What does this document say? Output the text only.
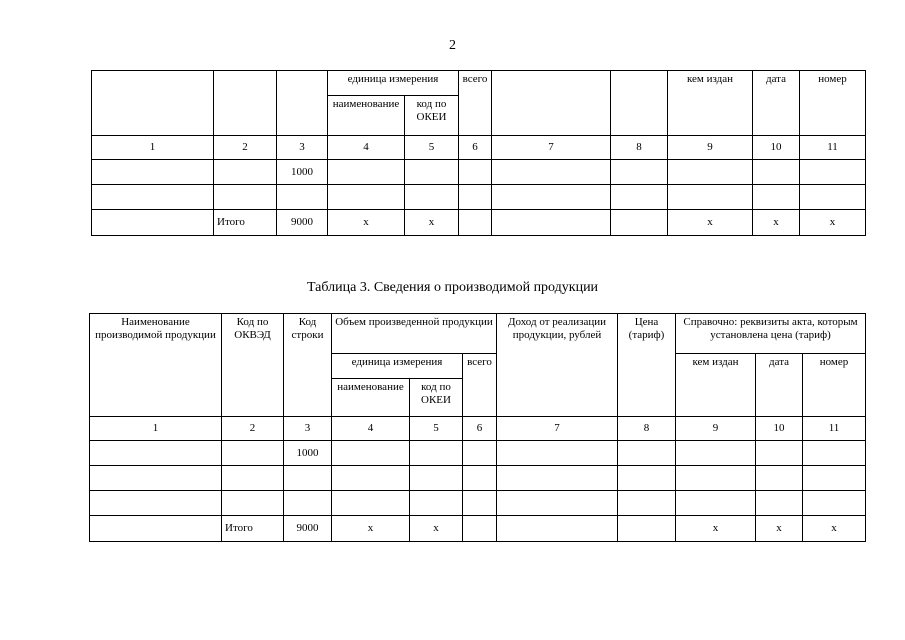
2
			единица измерения		всего			кем издан	дата	номер
			наименование	код по ОКЕИ						
1	2	3	4	5	6	7	8	9	10	11
		1000								

	Итого	9000	х	х				х	х	х
Таблица 3. Сведения о производимой продукции
Наименование производимой продукции	Код по ОКВЭД	Код строки	Объем произведенной продукции			Доход от реализации продукции, рублей	Цена (тариф)	Справочно: реквизиты акта, которым установлена цена (тариф)		
			единица измерения		всего			кем издан	дата	номер
			наименование	код по ОКЕИ						
1	2	3	4	5	6	7	8	9	10	11
		1000								

	Итого	9000	х	х				х	х	х
